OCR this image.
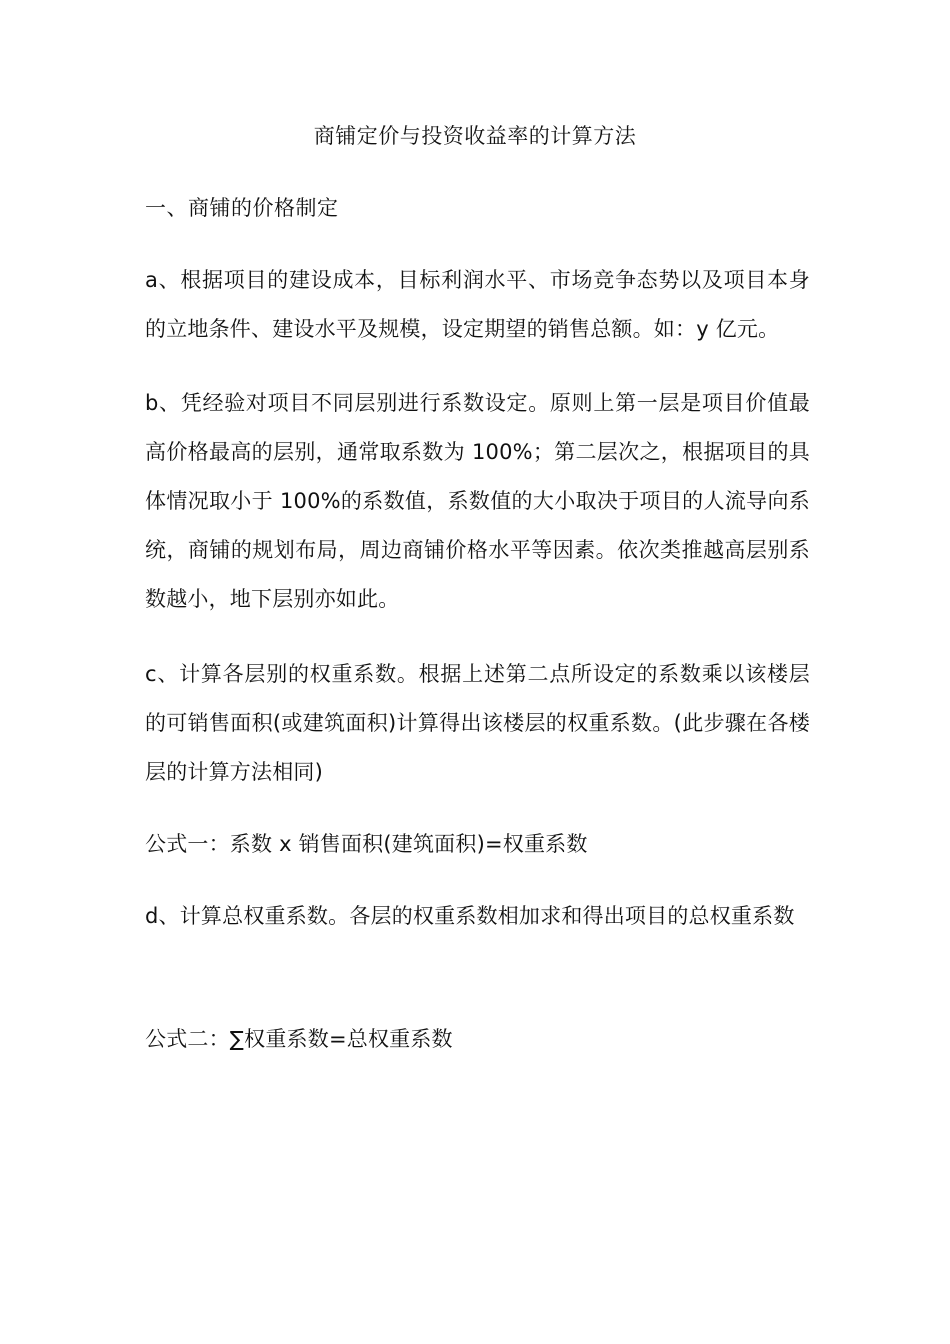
商铺定价与投资收益率的计算方法
一、商铺的价格制定

a、根据项目的建设成本，目标利润水平、市场竞争态势以及项目本身的立地条件、建设水平及规模，设定期望的销售总额。如：y 亿元。

b、凭经验对项目不同层别进行系数设定。原则上第一层是项目价值最高价格最高的层别，通常取系数为 100%；第二层次之，根据项目的具体情况取小于 100%的系数值，系数值的大小取决于项目的人流导向系统，商铺的规划布局，周边商铺价格水平等因素。依次类推越高层别系数越小，地下层别亦如此。

c、计算各层别的权重系数。根据上述第二点所设定的系数乘以该楼层的可销售面积(或建筑面积)计算得出该楼层的权重系数。(此步骤在各楼层的计算方法相同)

公式一：系数 x 销售面积(建筑面积)=权重系数

d、计算总权重系数。各层的权重系数相加求和得出项目的总权重系数

公式二：∑权重系数=总权重系数
